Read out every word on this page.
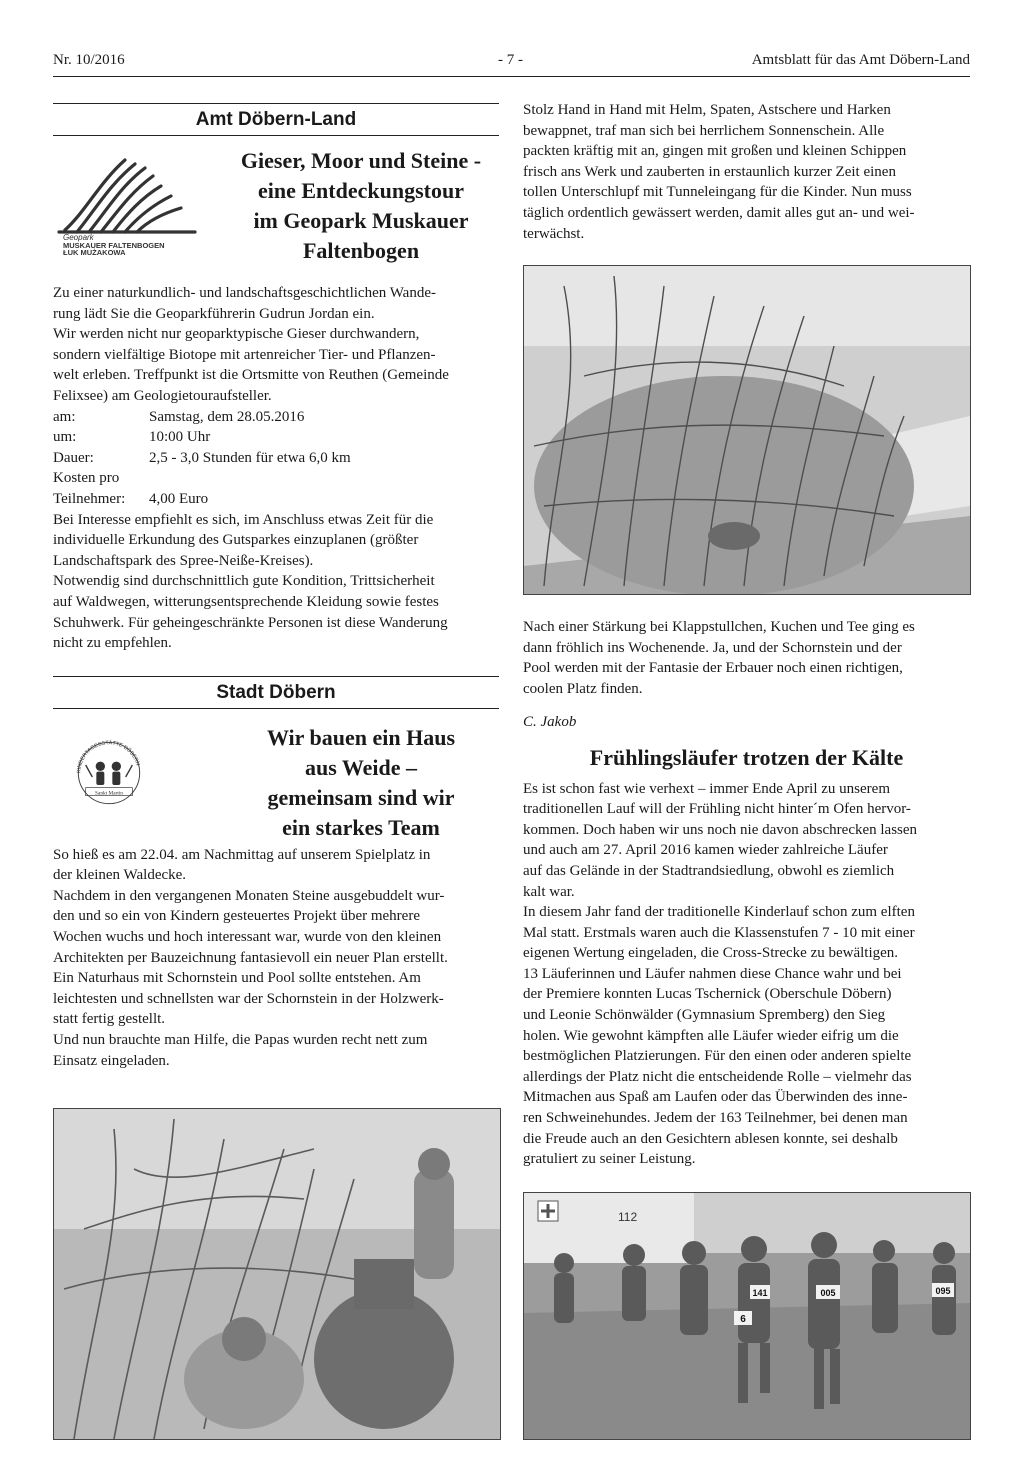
Nr. 10/2016	- 7 -	Amtsblatt für das Amt Döbern-Land
Amt Döbern-Land
Geopark
MUSKAUER FALTENBOGEN
ŁUK MUŻAKOWA
Gieser, Moor und Steine -
eine Entdeckungstour
im Geopark Muskauer
Faltenbogen
Zu einer naturkundlich- und landschaftsgeschichtlichen Wande-
rung lädt Sie die Geoparkführerin Gudrun Jordan ein.
Wir werden nicht nur geoparktypische Gieser durchwandern,
sondern vielfältige Biotope mit artenreicher Tier- und Pflanzen-
welt erleben. Treffpunkt ist die Ortsmitte von Reuthen (Gemeinde
Felixsee) am Geologietouraufsteller.
am:	Samstag, dem 28.05.2016
um:	10:00 Uhr
Dauer:	2,5 - 3,0 Stunden für etwa 6,0 km
Kosten pro
Teilnehmer:	4,00 Euro
Bei Interesse empfiehlt es sich, im Anschluss etwas Zeit für die
individuelle Erkundung des Gutsparkes einzuplanen (größter
Landschaftspark des Spree-Neiße-Kreises).
Notwendig sind durchschnittlich gute Kondition, Trittsicherheit
auf Waldwegen, witterungsentsprechende Kleidung sowie festes
Schuhwerk. Für geheingeschränkte Personen ist diese Wanderung
nicht zu empfehlen.
Stadt Döbern
KINDERTAGESSTÄTTE DÖBERN
Sankt Martin
Wir bauen ein Haus
aus Weide –
gemeinsam sind wir
ein starkes Team
So hieß es am 22.04. am Nachmittag auf unserem Spielplatz in
der kleinen Waldecke.
Nachdem in den vergangenen Monaten Steine ausgebuddelt wur-
den und so ein von Kindern gesteuertes Projekt über mehrere
Wochen wuchs und hoch interessant war, wurde von den kleinen
Architekten per Bauzeichnung fantasievoll ein neuer Plan erstellt.
Ein Naturhaus mit Schornstein und Pool sollte entstehen. Am
leichtesten und schnellsten war der Schornstein in der Holzwerk-
statt fertig gestellt.
Und nun brauchte man Hilfe, die Papas wurden recht nett zum
Einsatz eingeladen.
Stolz Hand in Hand mit Helm, Spaten, Astschere und Harken
bewappnet, traf man sich bei herrlichem Sonnenschein. Alle
packten kräftig mit an, gingen mit großen und kleinen Schippen
frisch ans Werk und zauberten in erstaunlich kurzer Zeit einen
tollen Unterschlupf mit Tunneleingang für die Kinder. Nun muss
täglich ordentlich gewässert werden, damit alles gut an- und wei-
terwächst.
Nach einer Stärkung bei Klappstullchen, Kuchen und Tee ging es
dann fröhlich ins Wochenende. Ja, und der Schornstein und der
Pool werden mit der Fantasie der Erbauer noch einen richtigen,
coolen Platz finden.
C. Jakob
Frühlingsläufer trotzen der Kälte
Es ist schon fast wie verhext – immer Ende April zu unserem
traditionellen Lauf will der Frühling nicht hinter´m Ofen hervor-
kommen. Doch haben wir uns noch nie davon abschrecken lassen
und auch am 27. April 2016 kamen wieder zahlreiche Läufer
auf das Gelände in der Stadtrandsiedlung, obwohl es ziemlich
kalt war.
In diesem Jahr fand der traditionelle Kinderlauf schon zum elften
Mal statt. Erstmals waren auch die Klassenstufen 7 - 10 mit einer
eigenen Wertung eingeladen, die Cross-Strecke zu bewältigen.
13 Läuferinnen und Läufer nahmen diese Chance wahr und bei
der Premiere konnten Lucas Tschernick (Oberschule Döbern)
und Leonie Schönwälder (Gymnasium Spremberg) den Sieg
holen. Wie gewohnt kämpften alle Läufer wieder eifrig um die
bestmöglichen Platzierungen. Für den einen oder anderen spielte
allerdings der Platz nicht die entscheidende Rolle – vielmehr das
Mitmachen aus Spaß am Laufen oder das Überwinden des inne-
ren Schweinehundes. Jedem der 163 Teilnehmer, bei denen man
die Freude auch an den Gesichtern ablesen konnte, sei deshalb
gratuliert zu seiner Leistung.
112
141	005
6
095
